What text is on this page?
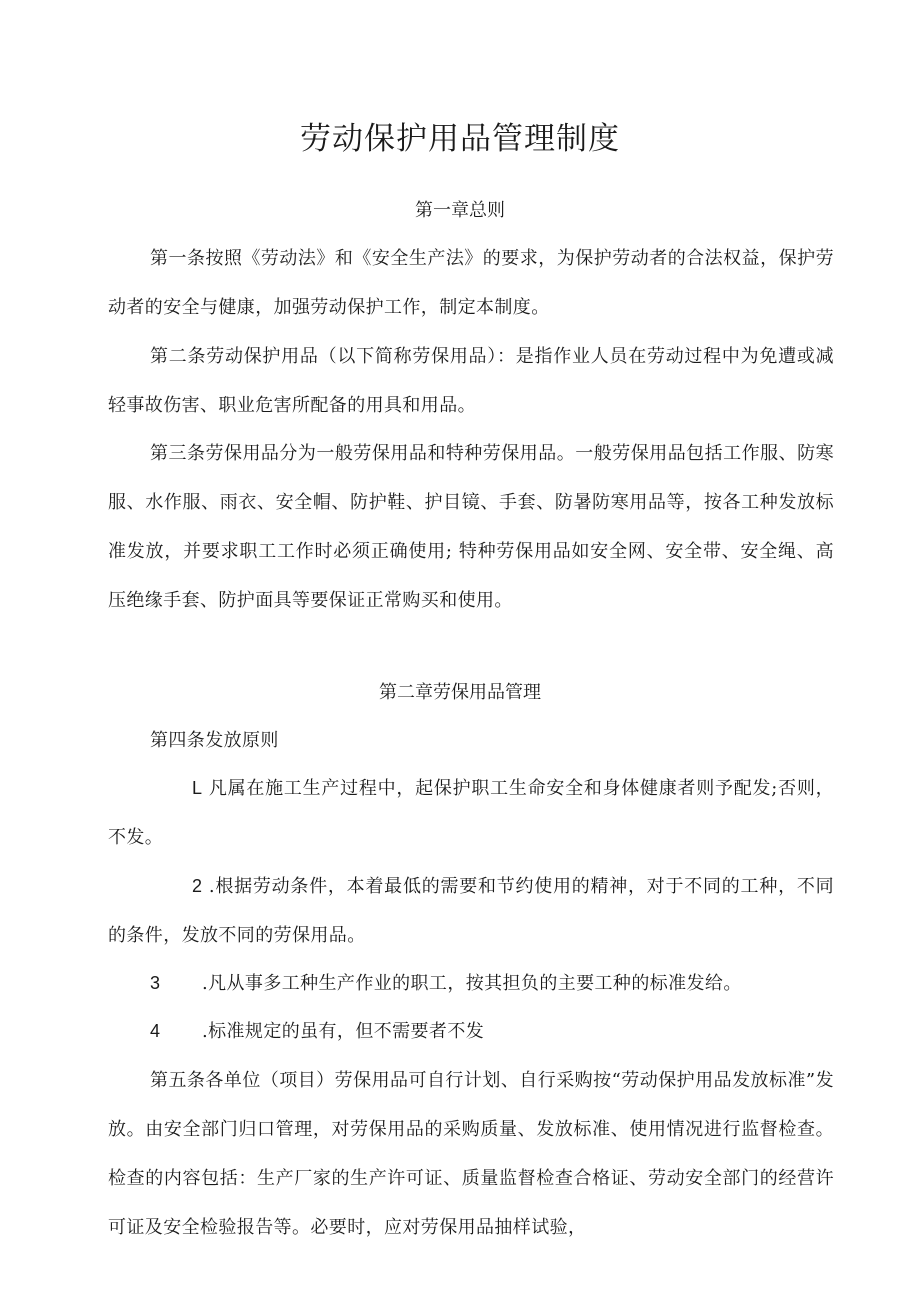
劳动保护用品管理制度
第一章总则

第一条按照《劳动法》和《安全生产法》的要求，为保护劳动者的合法权益，保护劳动者的安全与健康，加强劳动保护工作，制定本制度。

第二条劳动保护用品（以下简称劳保用品）：是指作业人员在劳动过程中为免遭或减轻事故伤害、职业危害所配备的用具和用品。

第三条劳保用品分为一般劳保用品和特种劳保用品。一般劳保用品包括工作服、防寒服、水作服、雨衣、安全帽、防护鞋、护目镜、手套、防暑防寒用品等，按各工种发放标准发放，并要求职工工作时必须正确使用; 特种劳保用品如安全网、安全带、安全绳、高压绝缘手套、防护面具等要保证正常购买和使用。

第二章劳保用品管理

第四条发放原则

L 凡属在施工生产过程中，起保护职工生命安全和身体健康者则予配发;否则，不发。

2 .根据劳动条件，本着最低的需要和节约使用的精神，对于不同的工种，不同的条件，发放不同的劳保用品。

3 .凡从事多工种生产作业的职工，按其担负的主要工种的标准发给。

4 .标准规定的虽有，但不需要者不发

第五条各单位（项目）劳保用品可自行计划、自行采购按“劳动保护用品发放标准”发放。由安全部门归口管理，对劳保用品的采购质量、发放标准、使用情况进行监督检查。检查的内容包括：生产厂家的生产许可证、质量监督检查合格证、劳动安全部门的经营许可证及安全检验报告等。必要时，应对劳保用品抽样试验，
